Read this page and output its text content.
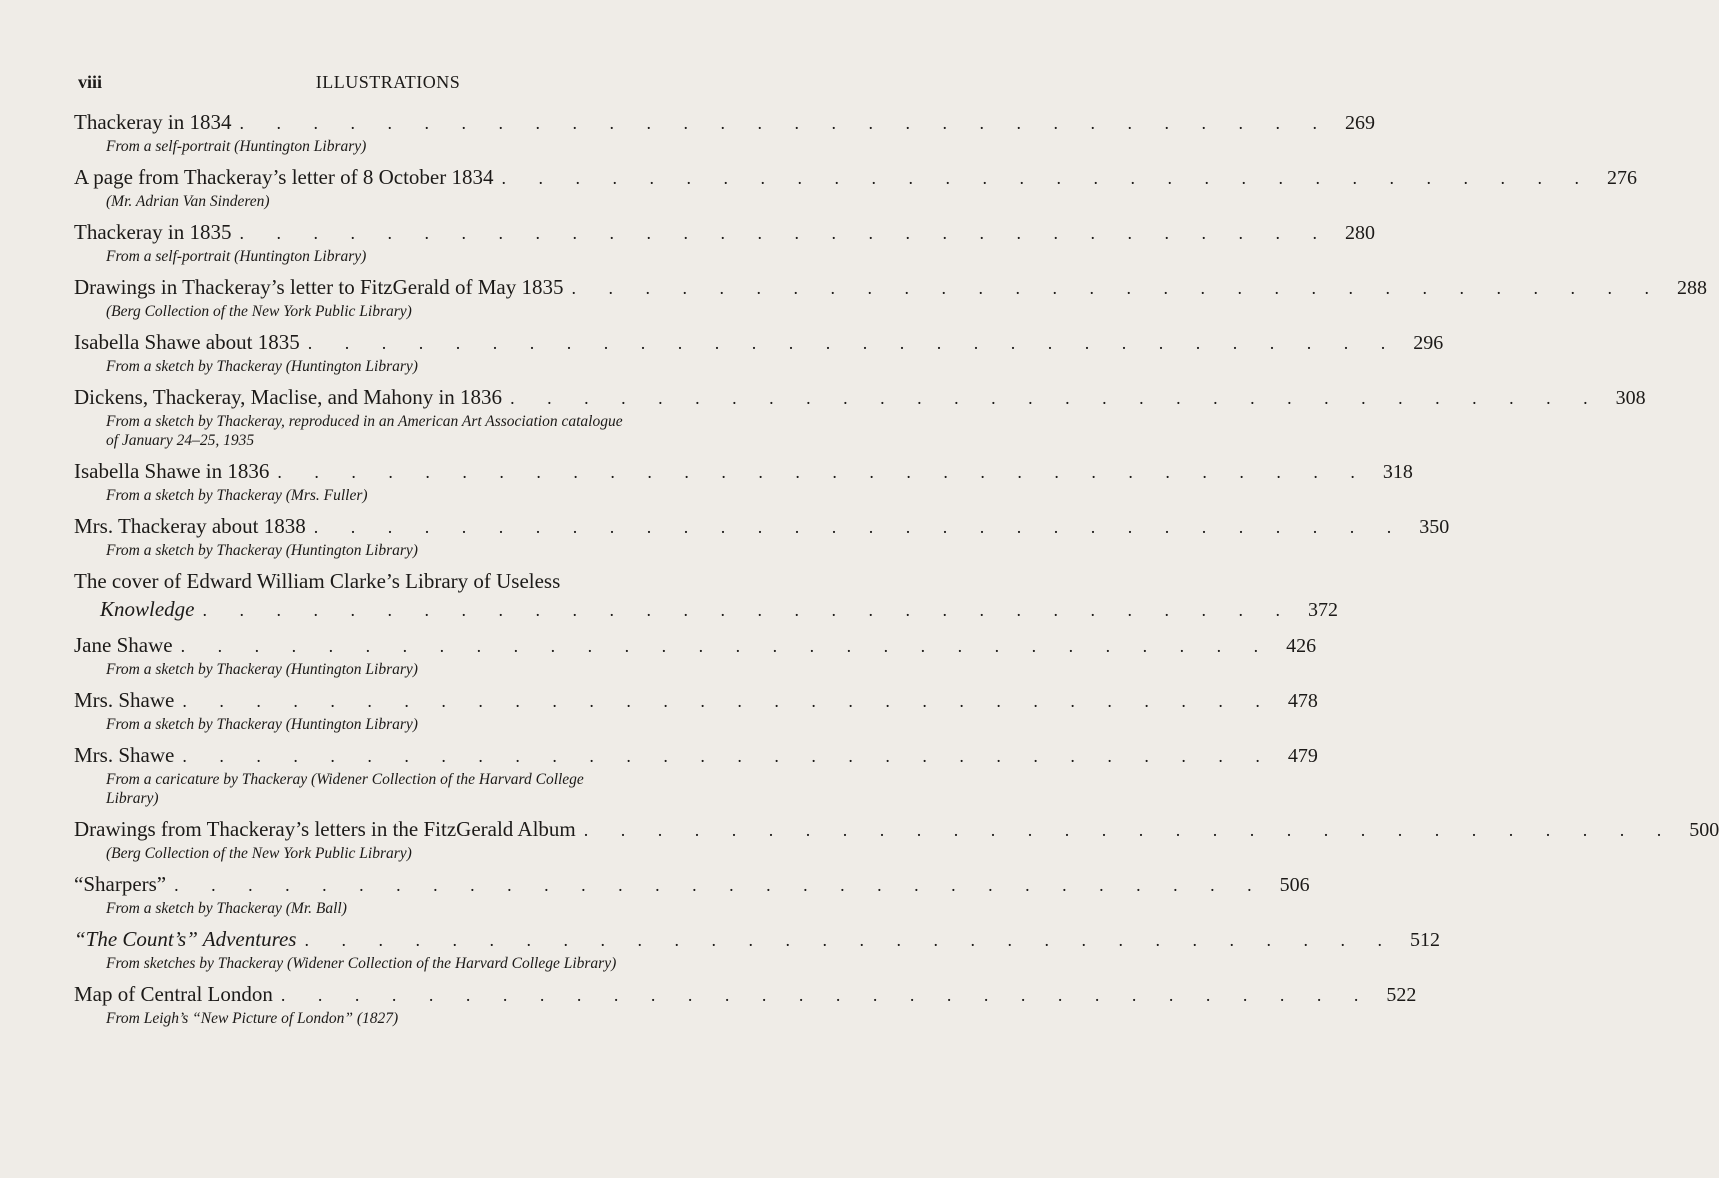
viii	ILLUSTRATIONS
Thackeray in 1834 . . . . . . . . . . . . . . . . . . . . . . . . . . . . . . 269
From a self-portrait (Huntington Library)
A page from Thackeray’s letter of 8 October 1834 . . . . . . . . . . . . . . . . . . . . . . . . . . . . . . 276
(Mr. Adrian Van Sinderen)
Thackeray in 1835 . . . . . . . . . . . . . . . . . . . . . . . . . . . . . . 280
From a self-portrait (Huntington Library)
Drawings in Thackeray’s letter to FitzGerald of May 1835 . . . . . . . . . . . . . . . . . . . . . . . . . . . . . . 288
(Berg Collection of the New York Public Library)
Isabella Shawe about 1835 . . . . . . . . . . . . . . . . . . . . . . . . . . . . . . 296
From a sketch by Thackeray (Huntington Library)
Dickens, Thackeray, Maclise, and Mahony in 1836 . . . . . . . . . . . . . . . . . . . . . . . . . . . . . . 308
From a sketch by Thackeray, reproduced in an American Art Association catalogue of January 24–25, 1935
Isabella Shawe in 1836 . . . . . . . . . . . . . . . . . . . . . . . . . . . . . . 318
From a sketch by Thackeray (Mrs. Fuller)
Mrs. Thackeray about 1838 . . . . . . . . . . . . . . . . . . . . . . . . . . . . . . 350
From a sketch by Thackeray (Huntington Library)
The cover of Edward William Clarke’s Library of Useless
Knowledge . . . . . . . . . . . . . . . . . . . . . . . . . . . . . . 372
Jane Shawe . . . . . . . . . . . . . . . . . . . . . . . . . . . . . . 426
From a sketch by Thackeray (Huntington Library)
Mrs. Shawe . . . . . . . . . . . . . . . . . . . . . . . . . . . . . . 478
From a sketch by Thackeray (Huntington Library)
Mrs. Shawe . . . . . . . . . . . . . . . . . . . . . . . . . . . . . . 479
From a caricature by Thackeray (Widener Collection of the Harvard College Library)
Drawings from Thackeray’s letters in the FitzGerald Album . . . . . . . . . . . . . . . . . . . . . . . . . . . . . . 500
(Berg Collection of the New York Public Library)
“Sharpers” . . . . . . . . . . . . . . . . . . . . . . . . . . . . . . 506
From a sketch by Thackeray (Mr. Ball)
“The Count’s” Adventures . . . . . . . . . . . . . . . . . . . . . . . . . . . . . . 512
From sketches by Thackeray (Widener Collection of the Harvard College Library)
Map of Central London . . . . . . . . . . . . . . . . . . . . . . . . . . . . . . 522
From Leigh’s “New Picture of London” (1827)
